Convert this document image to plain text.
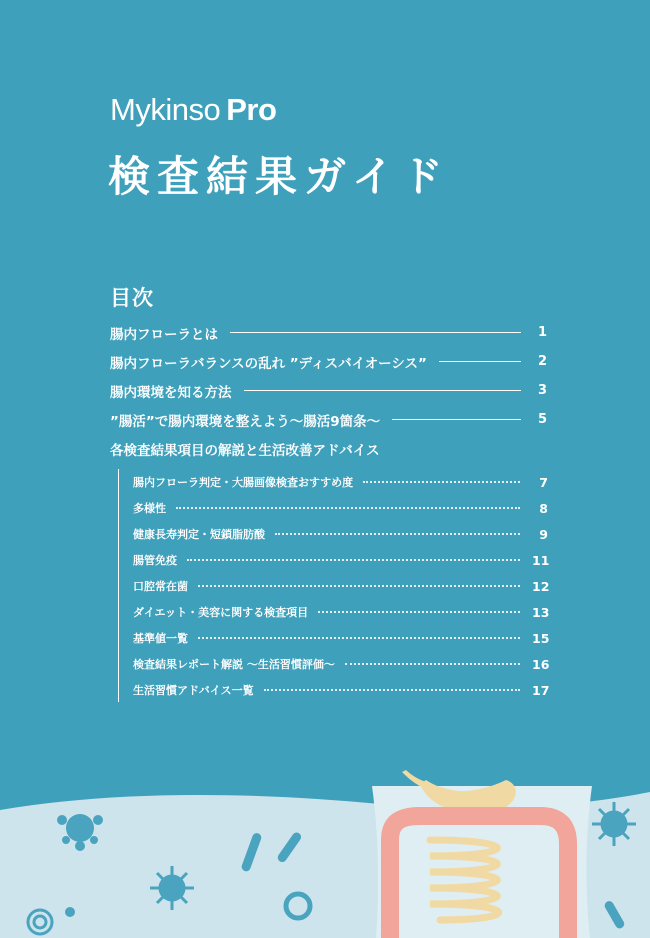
Mykinso Pro
検査結果ガイド
目次
腸内フローラとは	1
腸内フローラバランスの乱れ ”ディスバイオーシス”	2
腸内環境を知る方法	3
”腸活”で腸内環境を整えよう～腸活9箇条～	5
各検査結果項目の解説と生活改善アドバイス
腸内フローラ判定・大腸画像検査おすすめ度	7
多様性	8
健康長寿判定・短鎖脂肪酸	9
腸管免疫	11
口腔常在菌	12
ダイエット・美容に関する検査項目	13
基準値一覧	15
検査結果レポート解説 ～生活習慣評価～	16
生活習慣アドバイス一覧	17
